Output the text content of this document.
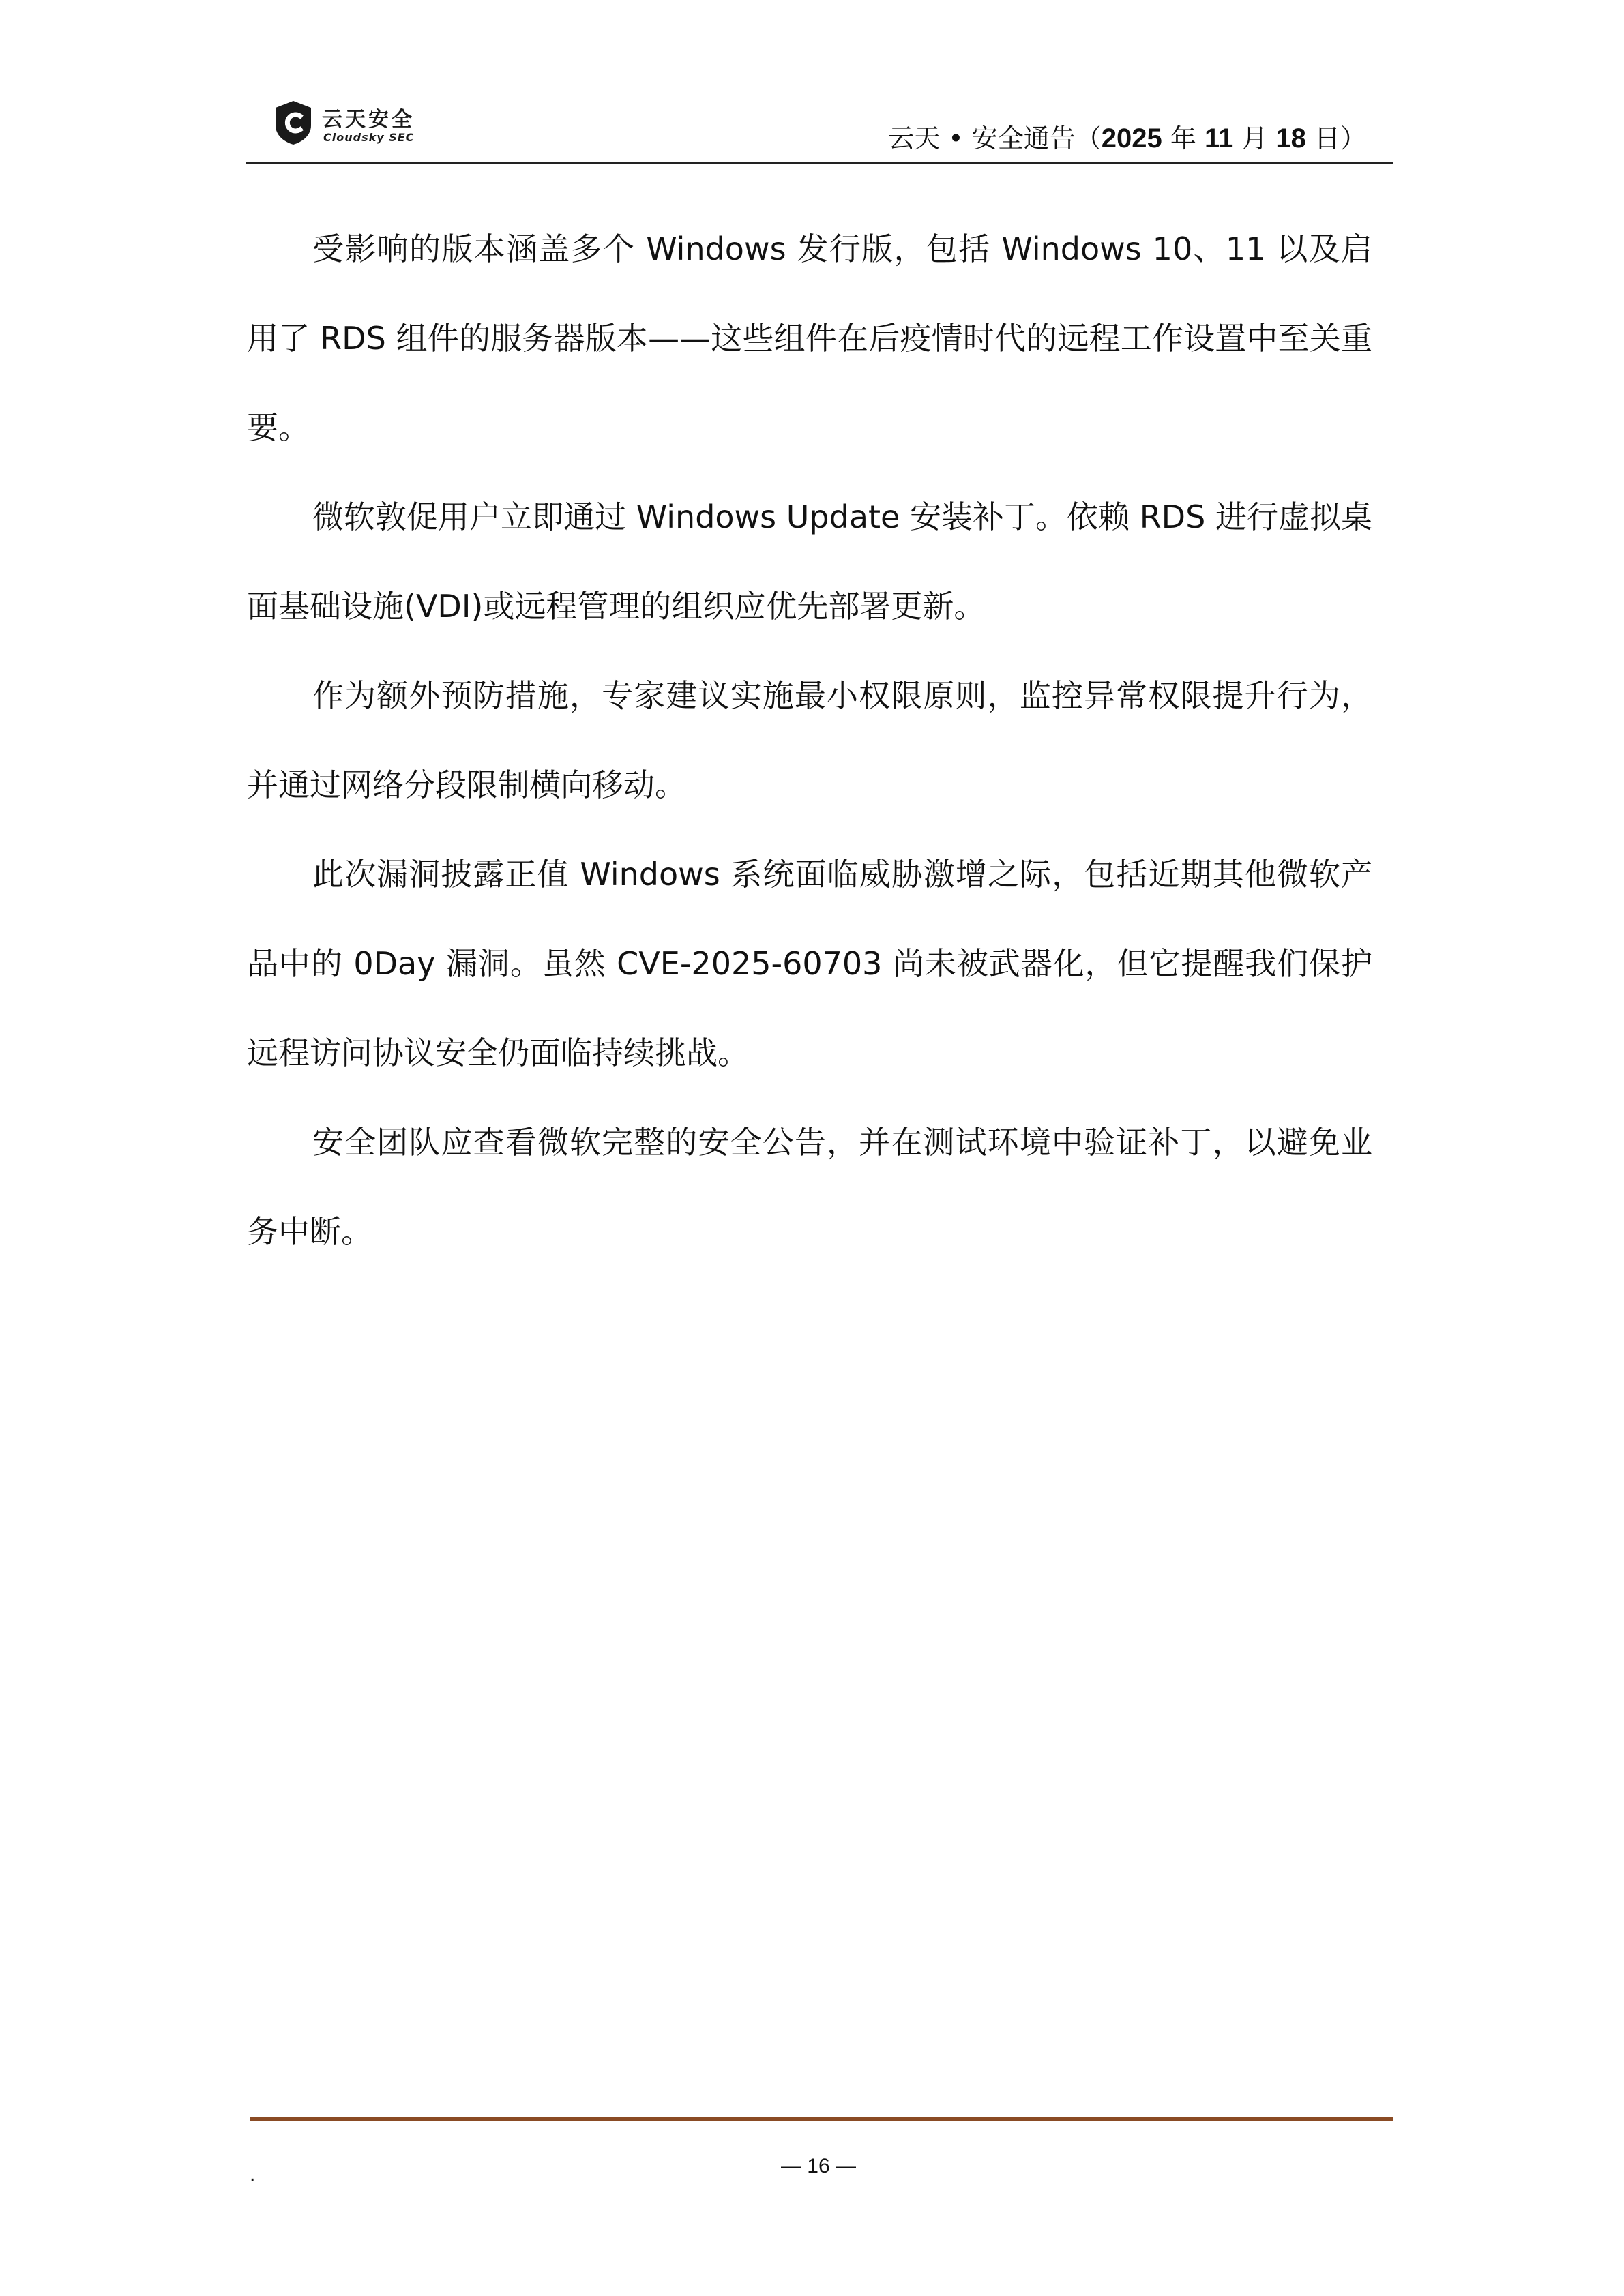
云天安全
Cloudsky SEC	云天 • 安全通告（2025 年 11 月 18 日）

受影响的版本涵盖多个 Windows 发行版，包括 Windows 10、11 以及启用了 RDS 组件的服务器版本——这些组件在后疫情时代的远程工作设置中至关重要。

微软敦促用户立即通过 Windows Update 安装补丁。依赖 RDS 进行虚拟桌面基础设施(VDI)或远程管理的组织应优先部署更新。

作为额外预防措施，专家建议实施最小权限原则，监控异常权限提升行为，并通过网络分段限制横向移动。

此次漏洞披露正值 Windows 系统面临威胁激增之际，包括近期其他微软产品中的 0Day 漏洞。虽然 CVE-2025-60703 尚未被武器化，但它提醒我们保护远程访问协议安全仍面临持续挑战。

安全团队应查看微软完整的安全公告，并在测试环境中验证补丁，以避免业务中断。

.	— 16 —
